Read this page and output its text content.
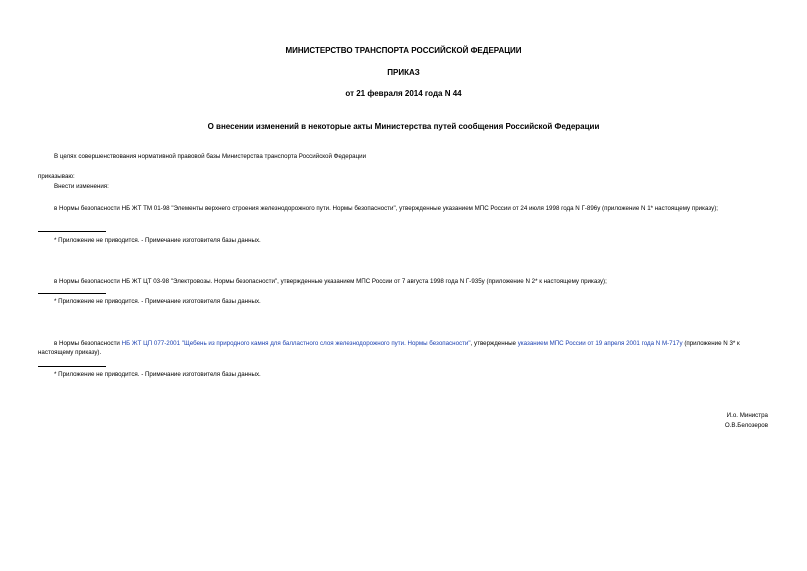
МИНИСТЕРСТВО ТРАНСПОРТА РОССИЙСКОЙ ФЕДЕРАЦИИ
ПРИКАЗ
от 21 февраля 2014 года N 44
О внесении изменений в некоторые акты Министерства путей сообщения Российской Федерации
В целях совершенствования нормативной правовой базы Министерства транспорта Российской Федерации
приказываю:
Внести изменения:
в Нормы безопасности НБ ЖТ ТМ 01-98 "Элементы верхнего строения железнодорожного пути. Нормы безопасности", утвержденные указанием МПС России от 24 июля 1998 года N Г-896у (приложение N 1* настоящему приказу);
* Приложение не приводится. - Примечание изготовителя базы данных.
в Нормы безопасности НБ ЖТ ЦТ 03-98 "Электровозы. Нормы безопасности", утвержденные указанием МПС России от 7 августа 1998 года N Г-935у (приложение N 2* к настоящему приказу);
* Приложение не приводится. - Примечание изготовителя базы данных.
в Нормы безопасности НБ ЖТ ЦП 077-2001 "Щебень из природного камня для балластного слоя железнодорожного пути. Нормы безопасности", утвержденные указанием МПС России от 19 апреля 2001 года N М-717у (приложение N 3* к настоящему приказу).
* Приложение не приводится. - Примечание изготовителя базы данных.
И.о. Министра
О.В.Белозеров
